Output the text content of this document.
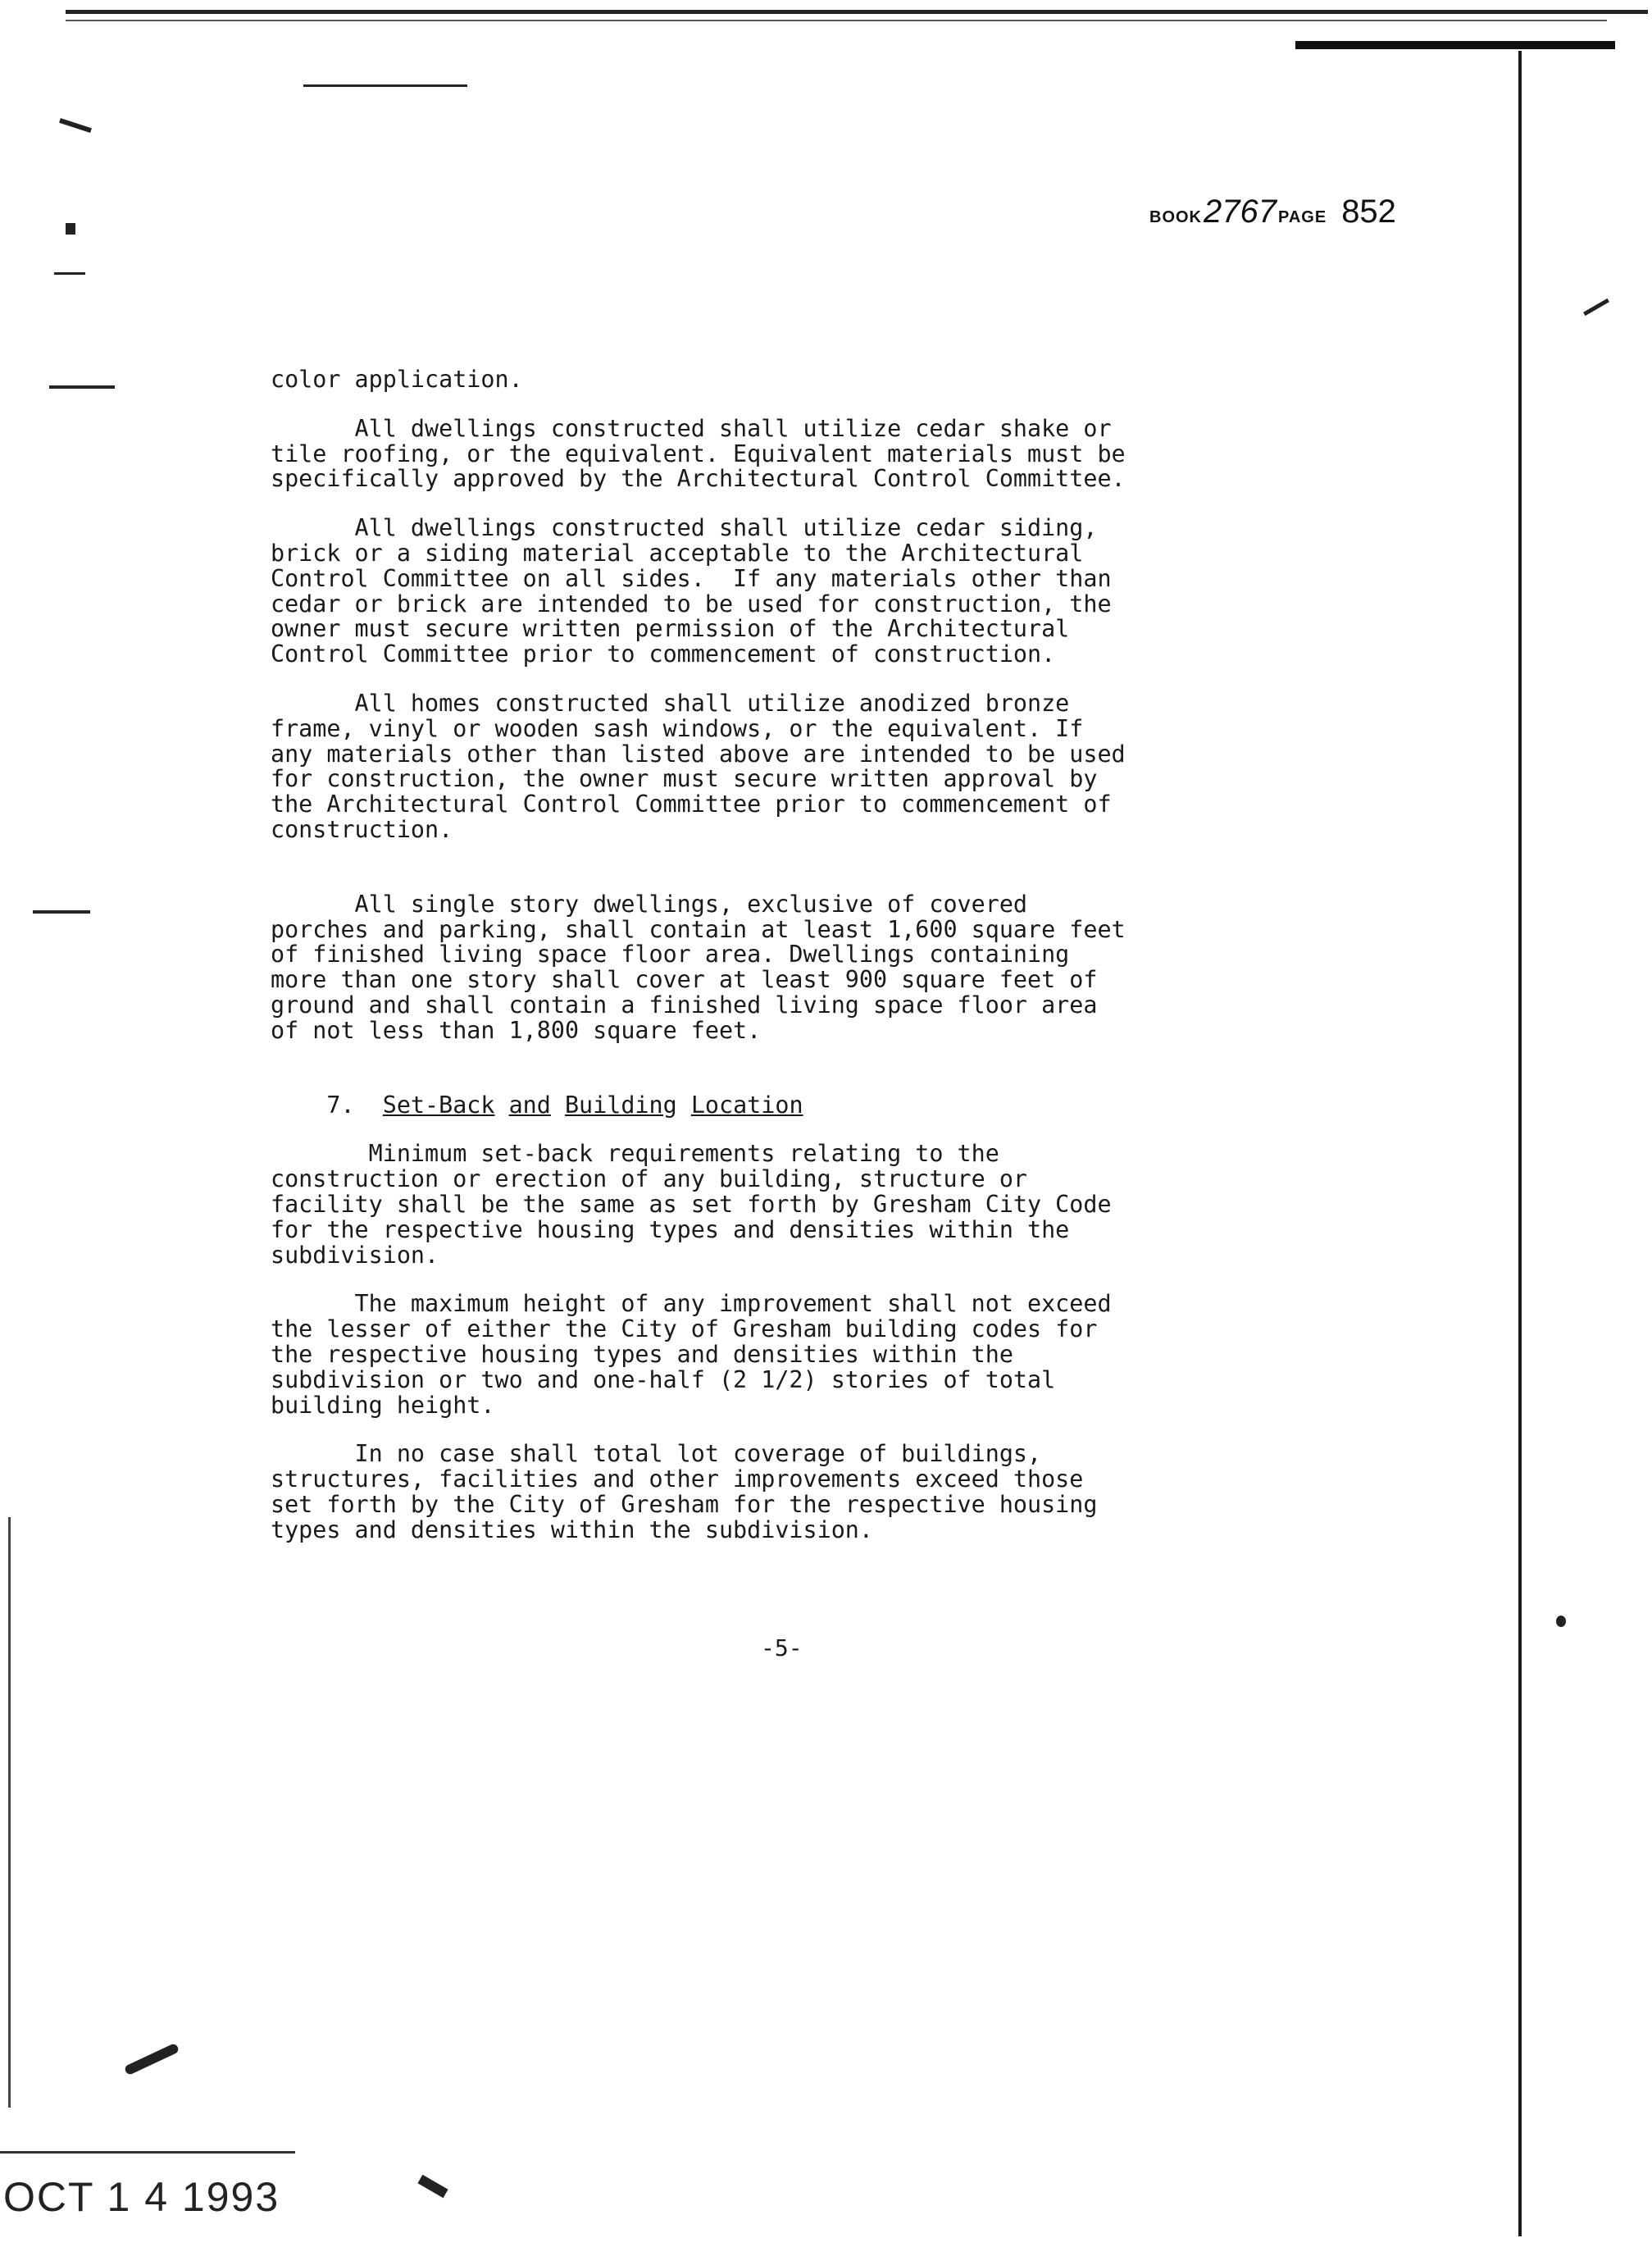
BOOK 2767 PAGE 852

color application.

All dwellings constructed shall utilize cedar shake or

tile roofing, or the equivalent. Equivalent materials must be

specifically approved by the Architectural Control Committee.

All dwellings constructed shall utilize cedar siding,

brick or a siding material acceptable to the Architectural

Control Committee on all sides.  If any materials other than

cedar or brick are intended to be used for construction, the

owner must secure written permission of the Architectural

Control Committee prior to commencement of construction.

All homes constructed shall utilize anodized bronze

frame, vinyl or wooden sash windows, or the equivalent. If

any materials other than listed above are intended to be used

for construction, the owner must secure written approval by

the Architectural Control Committee prior to commencement of

construction.

All single story dwellings, exclusive of covered

porches and parking, shall contain at least 1,600 square feet

of finished living space floor area. Dwellings containing

more than one story shall cover at least 900 square feet of

ground and shall contain a finished living space floor area

of not less than 1,800 square feet.

7. Set-Back and Building Location

Minimum set-back requirements relating to the

construction or erection of any building, structure or

facility shall be the same as set forth by Gresham City Code

for the respective housing types and densities within the

subdivision.

The maximum height of any improvement shall not exceed

the lesser of either the City of Gresham building codes for

the respective housing types and densities within the

subdivision or two and one-half (2 1/2) stories of total

building height.

In no case shall total lot coverage of buildings,

structures, facilities and other improvements exceed those

set forth by the City of Gresham for the respective housing

types and densities within the subdivision.

-5-
OCT 1 4 1993
